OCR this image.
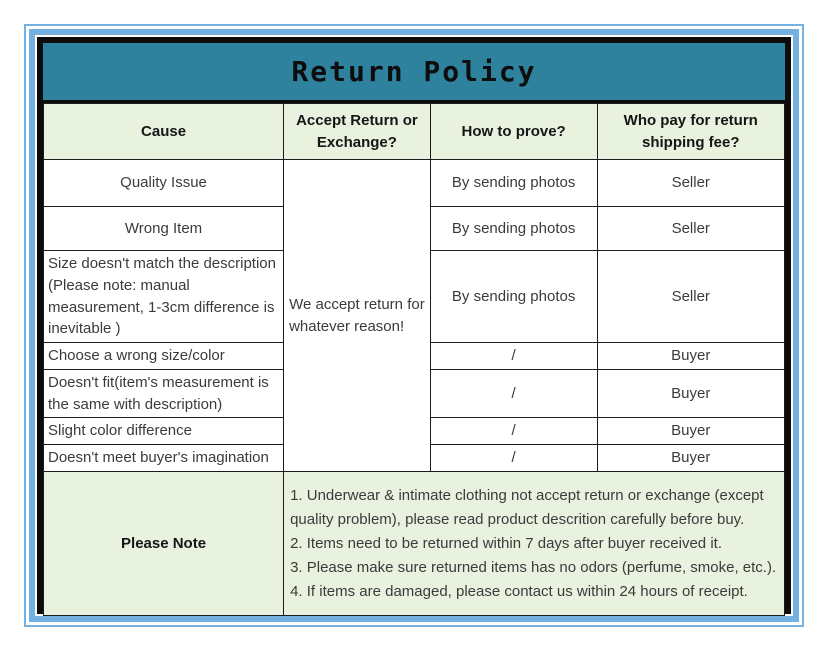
Return Policy
Cause	Accept Return or Exchange?	How to prove?	Who pay for return shipping fee?
Quality Issue	We accept return for whatever reason!	By sending photos	Seller
Wrong Item		By sending photos	Seller
Size doesn't match the description (Please note: manual measurement, 1-3cm difference is inevitable )		By sending photos	Seller
Choose a wrong size/color		/	Buyer
Doesn't fit(item's measurement is the same with description)		/	Buyer
Slight color difference		/	Buyer
Doesn't meet buyer's imagination		/	Buyer
Please Note	1. Underwear & intimate clothing not accept return or exchange (except quality problem), please read product descrition carefully before buy.
2. Items need to be returned within 7 days after buyer received it.
3. Please make sure returned items has no odors (perfume, smoke, etc.).
4. If items are damaged, please contact us within 24 hours of receipt.		
